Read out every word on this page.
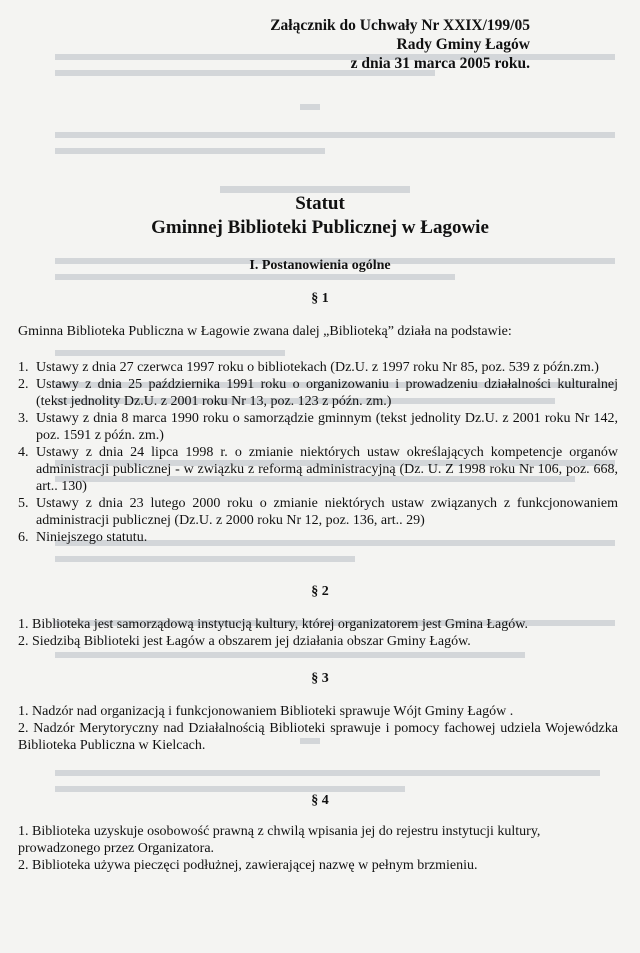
Załącznik do Uchwały Nr XXIX/199/05
Rady Gminy Łagów
z dnia 31 marca 2005 roku.
Statut
Gminnej Biblioteki Publicznej w Łagowie
I. Postanowienia ogólne
§ 1
Gminna Biblioteka Publiczna w Łagowie zwana dalej „Biblioteką” działa na podstawie:
1. Ustawy z dnia 27 czerwca 1997 roku o bibliotekach (Dz.U. z 1997 roku Nr 85, poz. 539 z późn.zm.)
2. Ustawy z dnia 25 października 1991 roku o organizowaniu i prowadzeniu działalności kulturalnej (tekst jednolity Dz.U. z 2001 roku Nr 13, poz. 123 z późn. zm.)
3. Ustawy z dnia 8 marca 1990 roku o samorządzie gminnym (tekst jednolity Dz.U. z 2001 roku Nr 142, poz. 1591 z późn. zm.)
4. Ustawy z dnia 24 lipca 1998 r. o zmianie niektórych ustaw określających kompetencje organów administracji publicznej - w związku z reformą administracyjną (Dz. U. Z 1998 roku Nr 106, poz. 668, art.. 130)
5. Ustawy z dnia 23 lutego 2000 roku o zmianie niektórych ustaw związanych z funkcjonowaniem administracji publicznej (Dz.U. z 2000 roku Nr 12, poz. 136, art.. 29)
6. Niniejszego statutu.
§ 2

1. Biblioteka jest samorządową instytucją kultury, której organizatorem jest Gmina Łagów.

2. Siedzibą Biblioteki jest Łagów a obszarem jej działania obszar Gminy Łagów.

§ 3

1. Nadzór nad organizacją i funkcjonowaniem Biblioteki sprawuje Wójt Gminy Łagów .

2. Nadzór Merytoryczny nad Działalnością Biblioteki sprawuje i pomocy fachowej udziela Wojewódzka Biblioteka Publiczna w Kielcach.

§ 4

1. Biblioteka uzyskuje osobowość prawną z chwilą wpisania jej do rejestru instytucji kultury, prowadzonego przez Organizatora.

2. Biblioteka używa pieczęci podłużnej, zawierającej nazwę w pełnym brzmieniu.
